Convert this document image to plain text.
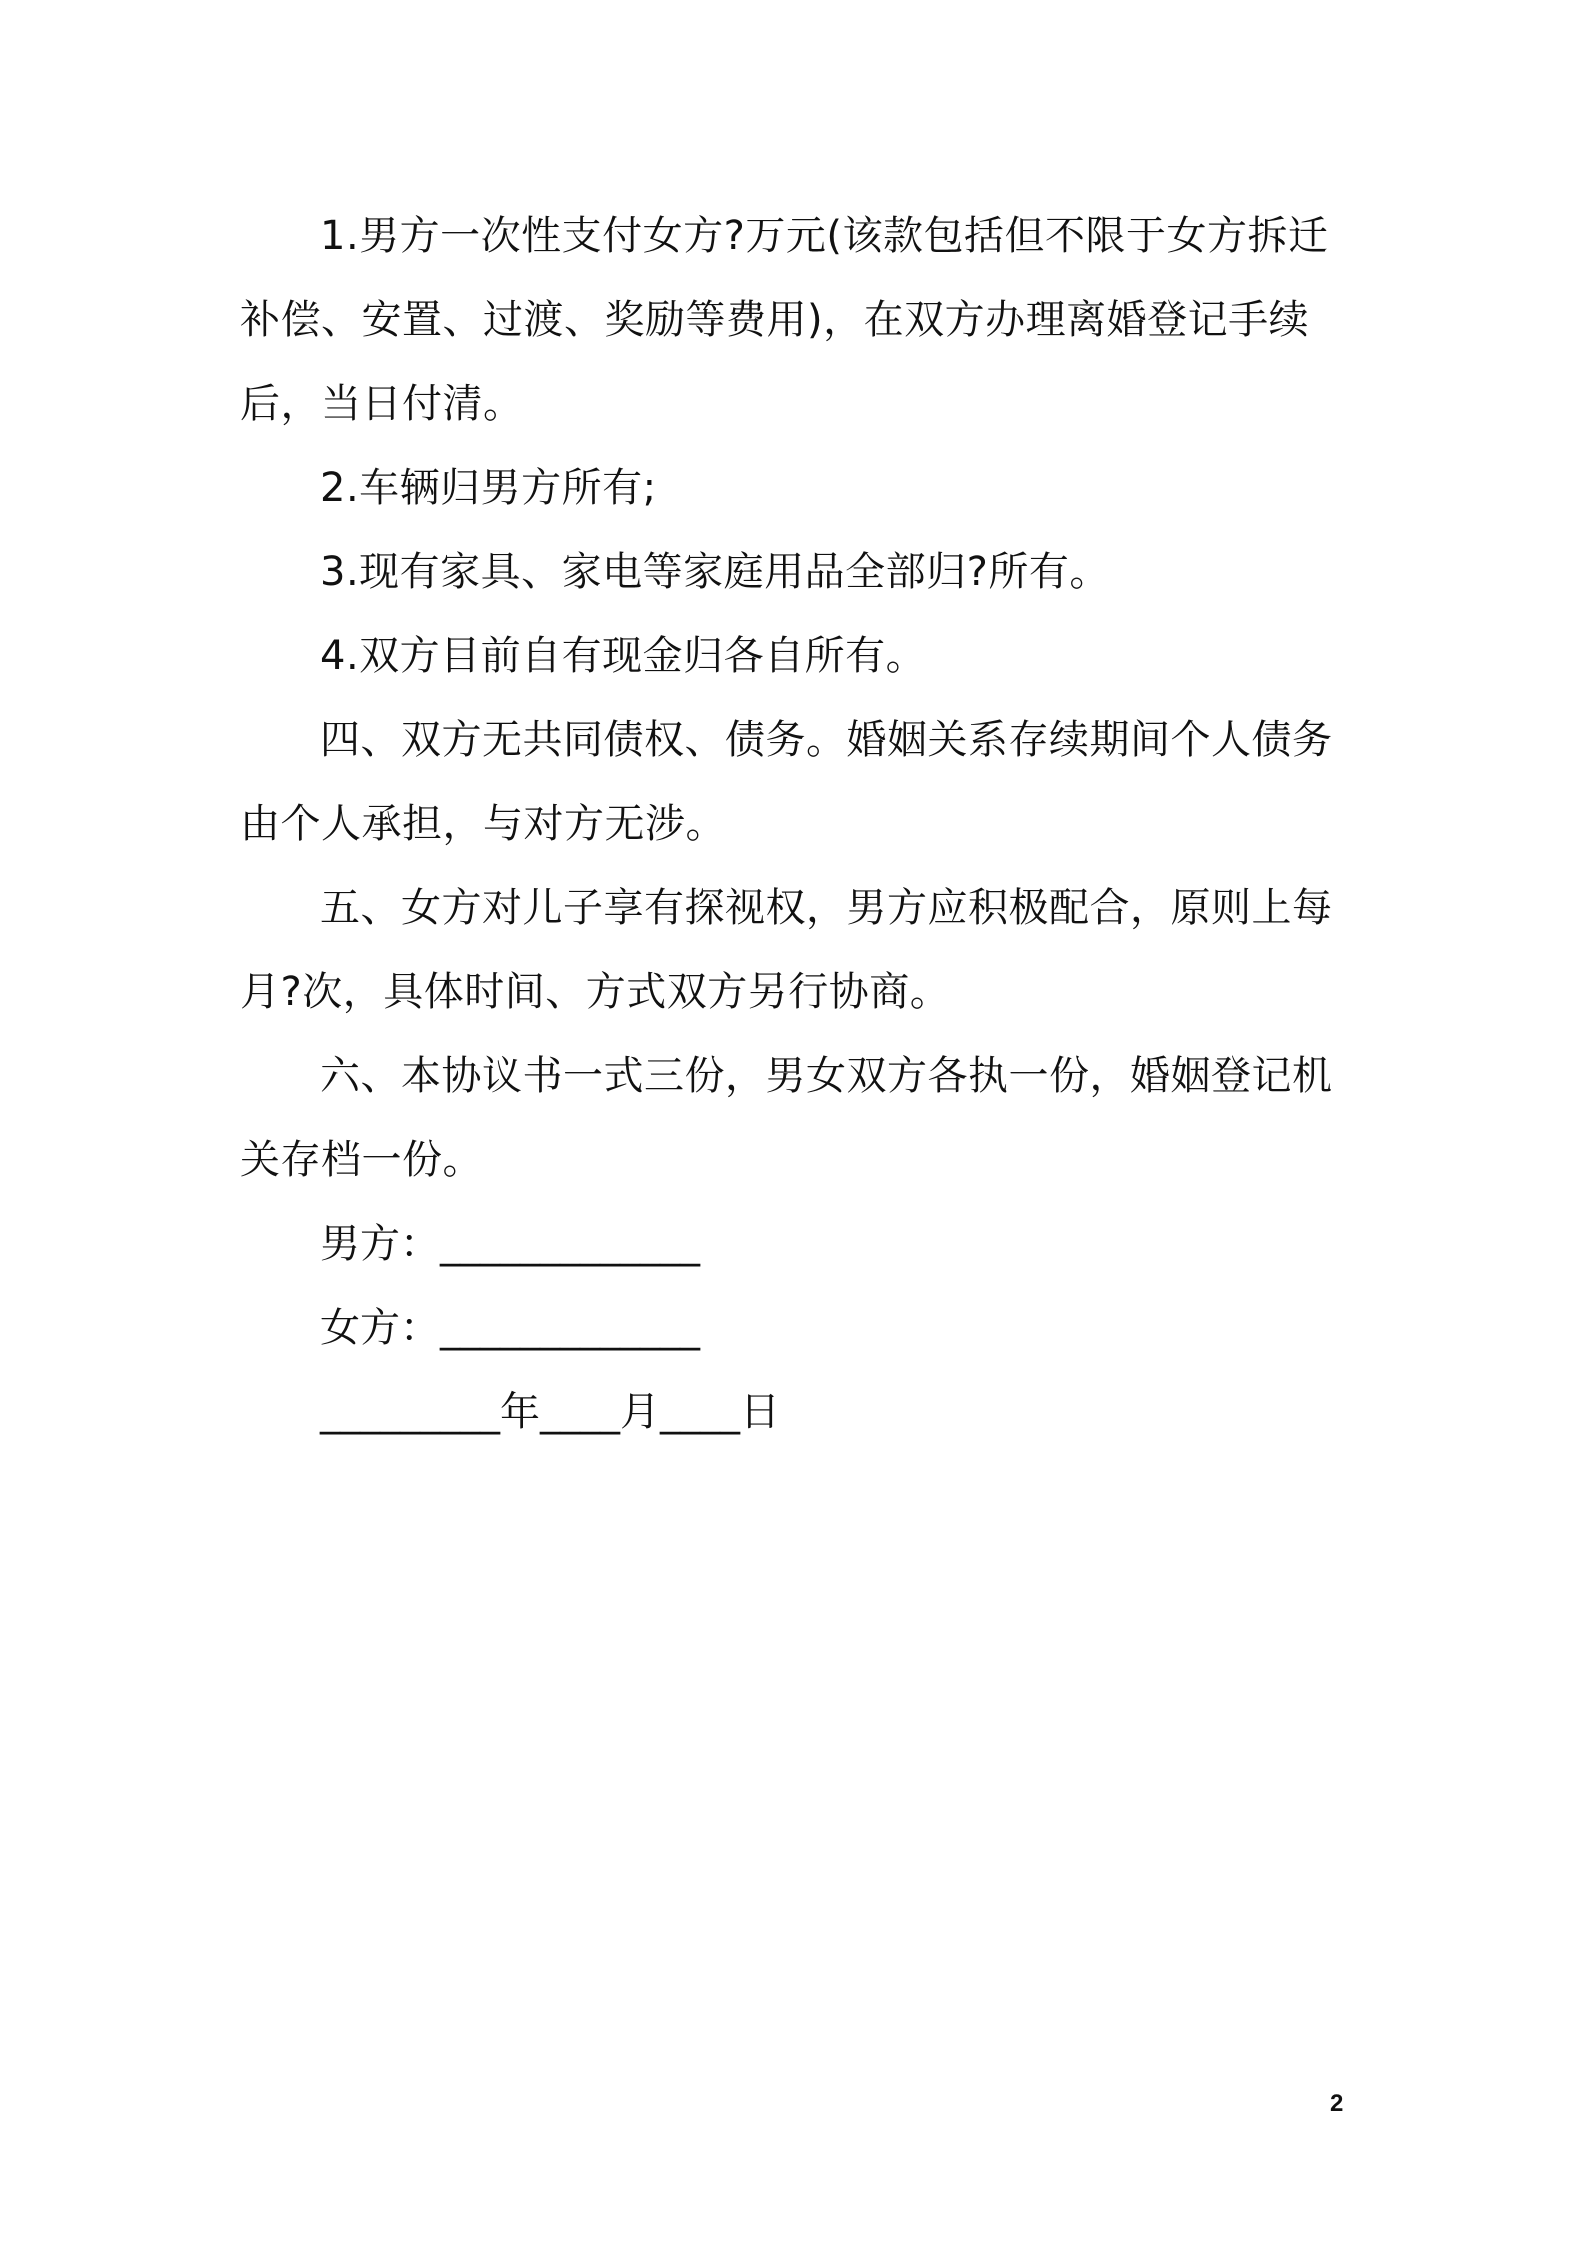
1.男方一次性支付女方?万元(该款包括但不限于女方拆迁补偿、安置、过渡、奖励等费用)，在双方办理离婚登记手续后，当日付清。

2.车辆归男方所有;

3.现有家具、家电等家庭用品全部归?所有。

4.双方目前自有现金归各自所有。

四、双方无共同债权、债务。婚姻关系存续期间个人债务由个人承担，与对方无涉。

五、女方对儿子享有探视权，男方应积极配合，原则上每月?次，具体时间、方式双方另行协商。

六、本协议书一式三份，男女双方各执一份，婚姻登记机关存档一份。

男方：_____________

女方：_____________

_________年____月____日

2
